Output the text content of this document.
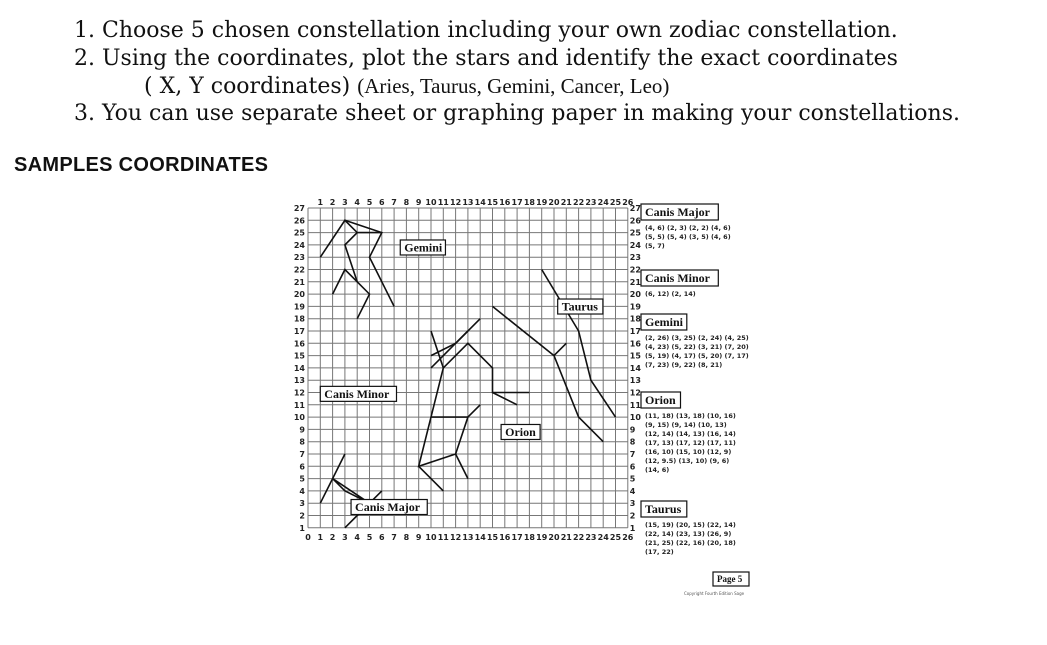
1. Choose 5 chosen constellation including your own zodiac constellation.
2. Using the coordinates, plot the stars and identify the exact coordinates
( X, Y coordinates) (Aries, Taurus, Gemini, Cancer, Leo)
3. You can use separate sheet or graphing paper in making your constellations.
SAMPLES COORDINATES
0 1
1
2
2
3
3
4
4
5
5
6
6
7
7
8
8
9
9
10
10
11
11
12
12
13
13
14
14
15
15
16
16
17
17
18
18
19
19
20
20
21
21
22
22
23
23
24
24
25
25
26
26
1	1
2	2
3	3
4	4
5	5
6	6
7	7
8	8
9	9
10	10
11	11
12	12
13	13
14	14
15	15
16	16
17	17
18	18
19	19
20	20
21	21
22	22
23	23
24	24
25	25
26	26
27	27
Gemini
Canis Minor
Orion
Taurus
Canis Major
Canis Major
(4, 6) (2, 3) (2, 2) (4, 6)
(5, 5) (5, 4) (3, 5) (4, 6)
(5, 7)
Canis Minor
(6, 12) (2, 14)
Gemini
(2, 26) (3, 25) (2, 24) (4, 25)
(4, 23) (5, 22) (3, 21) (7, 20)
(5, 19) (4, 17) (5, 20) (7, 17)
(7, 23) (9, 22) (8, 21)
Orion
(11, 18) (13, 18) (10, 16)
(9, 15) (9, 14) (10, 13)
(12, 14) (14, 13) (16, 14)
(17, 13) (17, 12) (17, 11)
(16, 10) (15, 10) (12, 9)
(12, 9.5) (13, 10) (9, 6)
(14, 6)
Taurus
(15, 19) (20, 15) (22, 14)
(22, 14) (23, 13) (26, 9)
(21, 25) (22, 16) (20, 18)
(17, 22)
Page 5
Copyright Fourth Edition Sage
